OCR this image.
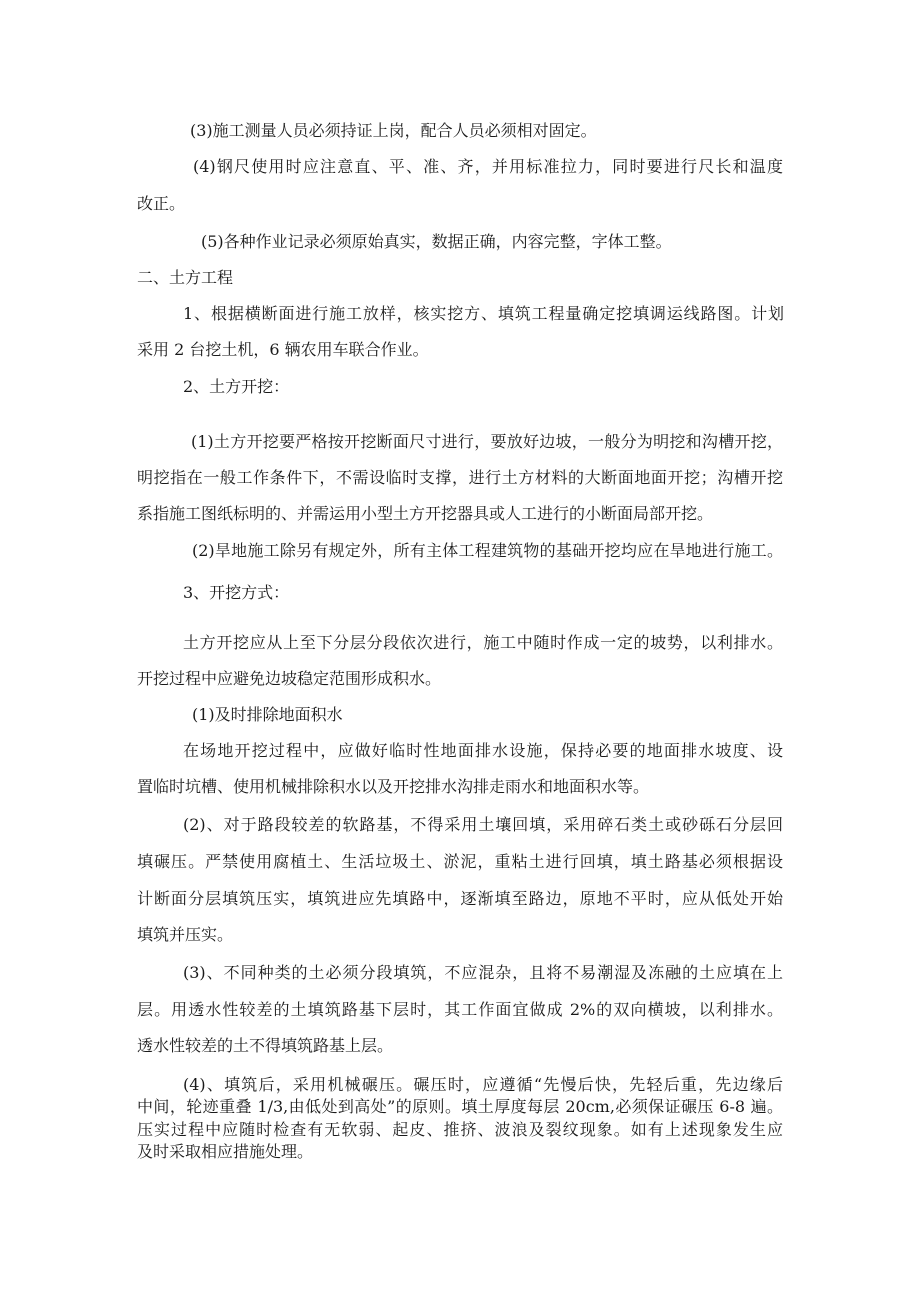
(3)施工测量人员必须持证上岗，配合人员必须相对固定。
(4)钢尺使用时应注意直、平、准、齐，并用标准拉力，同时要进行尺长和温度
改正。
(5)各种作业记录必须原始真实，数据正确，内容完整，字体工整。
二、土方工程
1、根据横断面进行施工放样，核实挖方、填筑工程量确定挖填调运线路图。计划
采用 2 台挖土机，6 辆农用车联合作业。
2、土方开挖：
(1)土方开挖要严格按开挖断面尺寸进行，要放好边坡，一般分为明挖和沟槽开挖，
明挖指在一般工作条件下，不需设临时支撑，进行土方材料的大断面地面开挖；沟槽开挖
系指施工图纸标明的、并需运用小型土方开挖器具或人工进行的小断面局部开挖。
(2)旱地施工除另有规定外，所有主体工程建筑物的基础开挖均应在旱地进行施工。
3、开挖方式：
土方开挖应从上至下分层分段依次进行，施工中随时作成一定的坡势，以利排水。
开挖过程中应避免边坡稳定范围形成积水。
(1)及时排除地面积水
在场地开挖过程中，应做好临时性地面排水设施，保持必要的地面排水坡度、设
置临时坑槽、使用机械排除积水以及开挖排水沟排走雨水和地面积水等。
(2)、对于路段较差的软路基，不得采用土壤回填，采用碎石类土或砂砾石分层回
填碾压。严禁使用腐植土、生活垃圾土、淤泥，重粘土进行回填，填土路基必须根据设
计断面分层填筑压实，填筑进应先填路中，逐渐填至路边，原地不平时，应从低处开始
填筑并压实。
(3)、不同种类的土必须分段填筑，不应混杂，且将不易潮湿及冻融的土应填在上
层。用透水性较差的土填筑路基下层时，其工作面宜做成 2%的双向横坡，以利排水。
透水性较差的土不得填筑路基上层。
(4)、填筑后，采用机械碾压。碾压时，应遵循“先慢后快，先轻后重，先边缘后
中间，轮迹重叠 1/3,由低处到高处”的原则。填土厚度每层 20cm,必须保证碾压 6-8 遍。
压实过程中应随时检查有无软弱、起皮、推挤、波浪及裂纹现象。如有上述现象发生应
及时采取相应措施处理。
